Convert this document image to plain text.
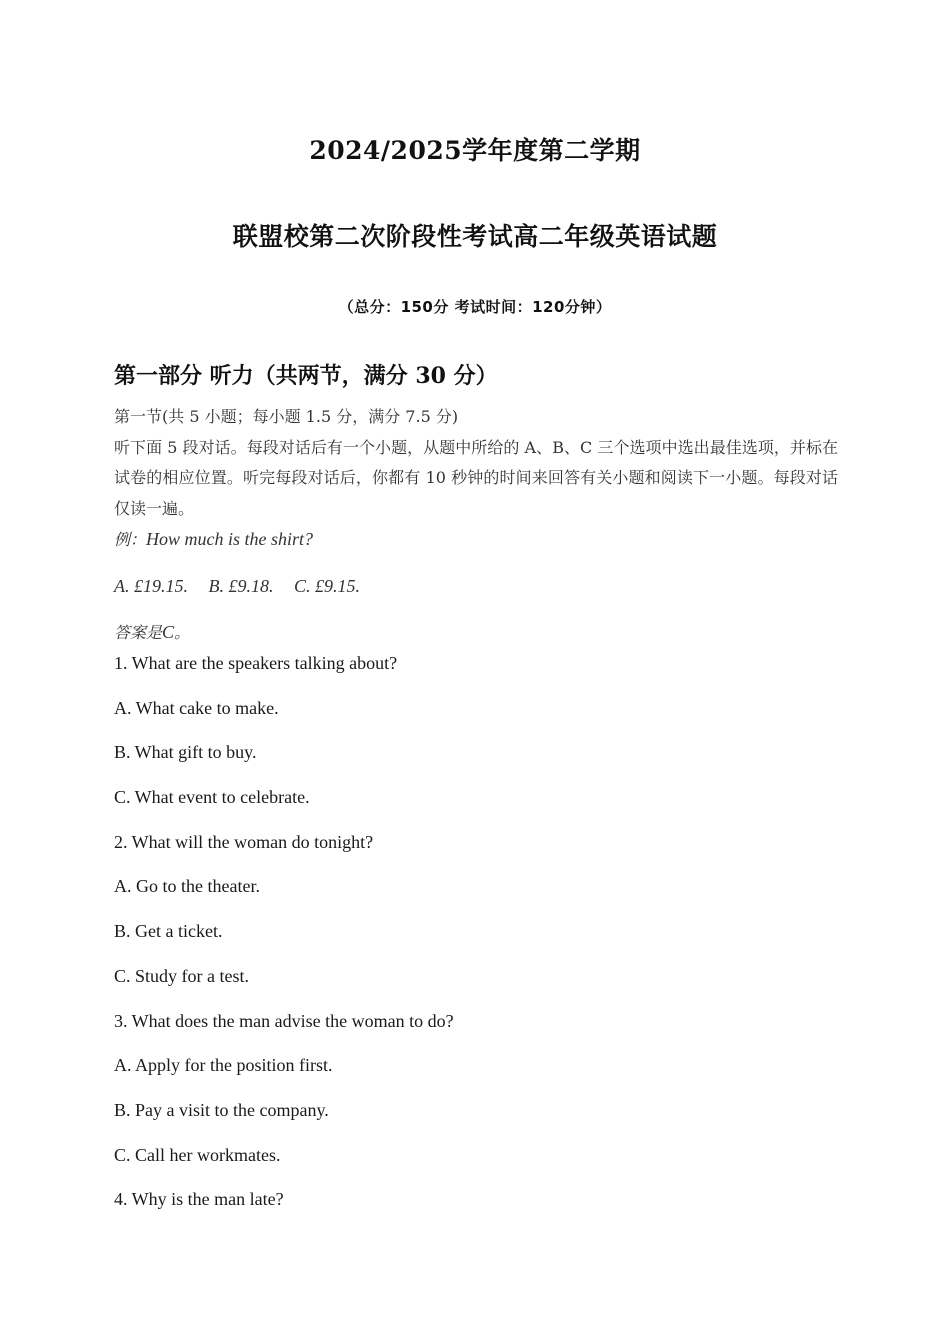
2024/2025学年度第二学期
联盟校第二次阶段性考试高二年级英语试题
（总分：150分 考试时间：120分钟）
第一部分 听力（共两节，满分 30 分）
第一节(共 5 小题；每小题 1.5 分，满分 7.5 分)
听下面 5 段对话。每段对话后有一个小题，从题中所给的 A、B、C 三个选项中选出最佳选项，并标在试卷的相应位置。听完每段对话后，你都有 10 秒钟的时间来回答有关小题和阅读下一小题。每段对话仅读一遍。
例：How much is the shirt?
A. £19.15. B. £9.18. C. £9.15.
答案是C。
1. What are the speakers talking about?
A. What cake to make.
B. What gift to buy.
C. What event to celebrate.
2. What will the woman do tonight?
A. Go to the theater.
B. Get a ticket.
C. Study for a test.
3. What does the man advise the woman to do?
A. Apply for the position first.
B. Pay a visit to the company.
C. Call her workmates.
4. Why is the man late?
